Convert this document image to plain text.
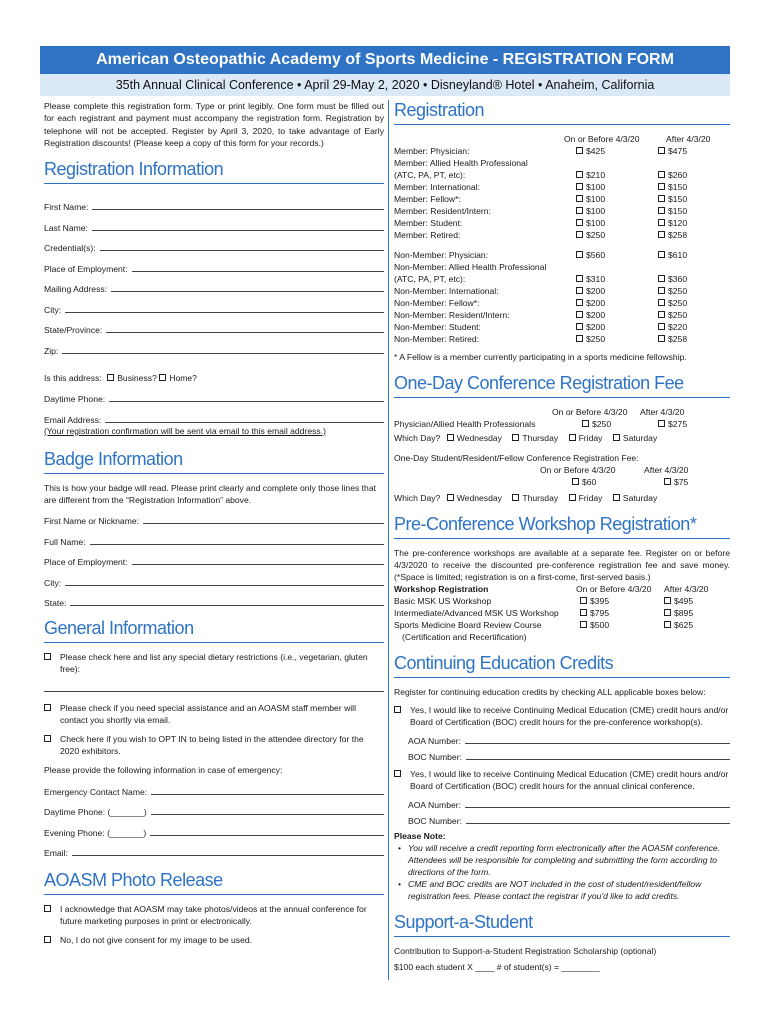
American Osteopathic Academy of Sports Medicine - REGISTRATION FORM
35th Annual Clinical Conference • April 29-May 2, 2020 • Disneyland® Hotel • Anaheim, California

Please complete this registration form. Type or print legibly. One form must be filled out for each registrant and payment must accompany the registration form. Registration by telephone will not be accepted. Register by April 3, 2020, to take advantage of Early Registration discounts! (Please keep a copy of this form for your records.)

Registration Information
First Name:
Last Name:
Credential(s):
Place of Employment:
Mailing Address:
City:
State/Province:
Zip:
Is this address: Business? Home?
Daytime Phone:
Email Address:
(Your registration confirmation will be sent via email to this email address.)
Badge Information

This is how your badge will read. Please print clearly and complete only those lines that are different from the “Registration Information” above.

First Name or Nickname:
Full Name:
Place of Employment:
City:
State:
General Information
Please check here and list any special dietary restrictions (i.e., vegetarian, gluten free):
Please check if you need special assistance and an AOASM staff member will contact you shortly via email.
Check here if you wish to OPT IN to being listed in the attendee directory for the 2020 exhibitors.
Please provide the following information in case of emergency:
Emergency Contact Name:
Daytime Phone: (_______)
Evening Phone: (_______)
Email:
AOASM Photo Release
I acknowledge that AOASM may take photos/videos at the annual conference for future marketing purposes in print or electronically.
No, I do not give consent for my image to be used.
Registration
	On or Before 4/3/20	After 4/3/20
Member: Physician:	$425	$475
Member: Allied Health Professional		
(ATC, PA, PT, etc):	$210	$260
Member: International:	$100	$150
Member: Fellow*:	$100	$150
Member: Resident/Intern:	$100	$150
Member: Student:	$100	$120
Member: Retired:	$250	$258

Non-Member: Physician:	$560	$610
Non-Member: Allied Health Professional		
(ATC, PA, PT, etc):	$310	$360
Non-Member: International:	$200	$250
Non-Member: Fellow*:	$200	$250
Non-Member: Resident/Intern:	$200	$250
Non-Member: Student:	$200	$220
Non-Member: Retired:	$250	$258
* A Fellow is a member currently participating in a sports medicine fellowship.
One-Day Conference Registration Fee
	On or Before 4/3/20	After 4/3/20
Physician/Allied Health Professionals	$250	$275
Which Day? Wednesday Thursday Friday Saturday
One-Day Student/Resident/Fellow Conference Registration Fee:
	On or Before 4/3/20	After 4/3/20
	$60	$75
Which Day? Wednesday Thursday Friday Saturday
Pre-Conference Workshop Registration*

The pre-conference workshops are available at a separate fee. Register on or before 4/3/2020 to receive the discounted pre-conference registration fee and save money. (*Space is limited; registration is on a first-come, first-served basis.)

Workshop Registration	On or Before 4/3/20	After 4/3/20
Basic MSK US Workshop	$395	$495
Intermediate/Advanced MSK US Workshop	$795	$895
Sports Medicine Board Review Course	$500	$625
(Certification and Recertification)		
Continuing Education Credits
Register for continuing education credits by checking ALL applicable boxes below:
Yes, I would like to receive Continuing Medical Education (CME) credit hours and/or Board of Certification (BOC) credit hours for the pre-conference workshop(s).
AOA Number:
BOC Number:
Yes, I would like to receive Continuing Medical Education (CME) credit hours and/or Board of Certification (BOC) credit hours for the annual clinical conference.
AOA Number:
BOC Number:
Please Note:
• You will receive a credit reporting form electronically after the AOASM conference. Attendees will be responsible for completing and submitting the form according to directions of the form.
• CME and BOC credits are NOT included in the cost of student/resident/fellow registration fees. Please contact the registrar if you'd like to add credits.
Support-a-Student
Contribution to Support-a-Student Registration Scholarship (optional)
$100 each student X ____ # of student(s) = ________
